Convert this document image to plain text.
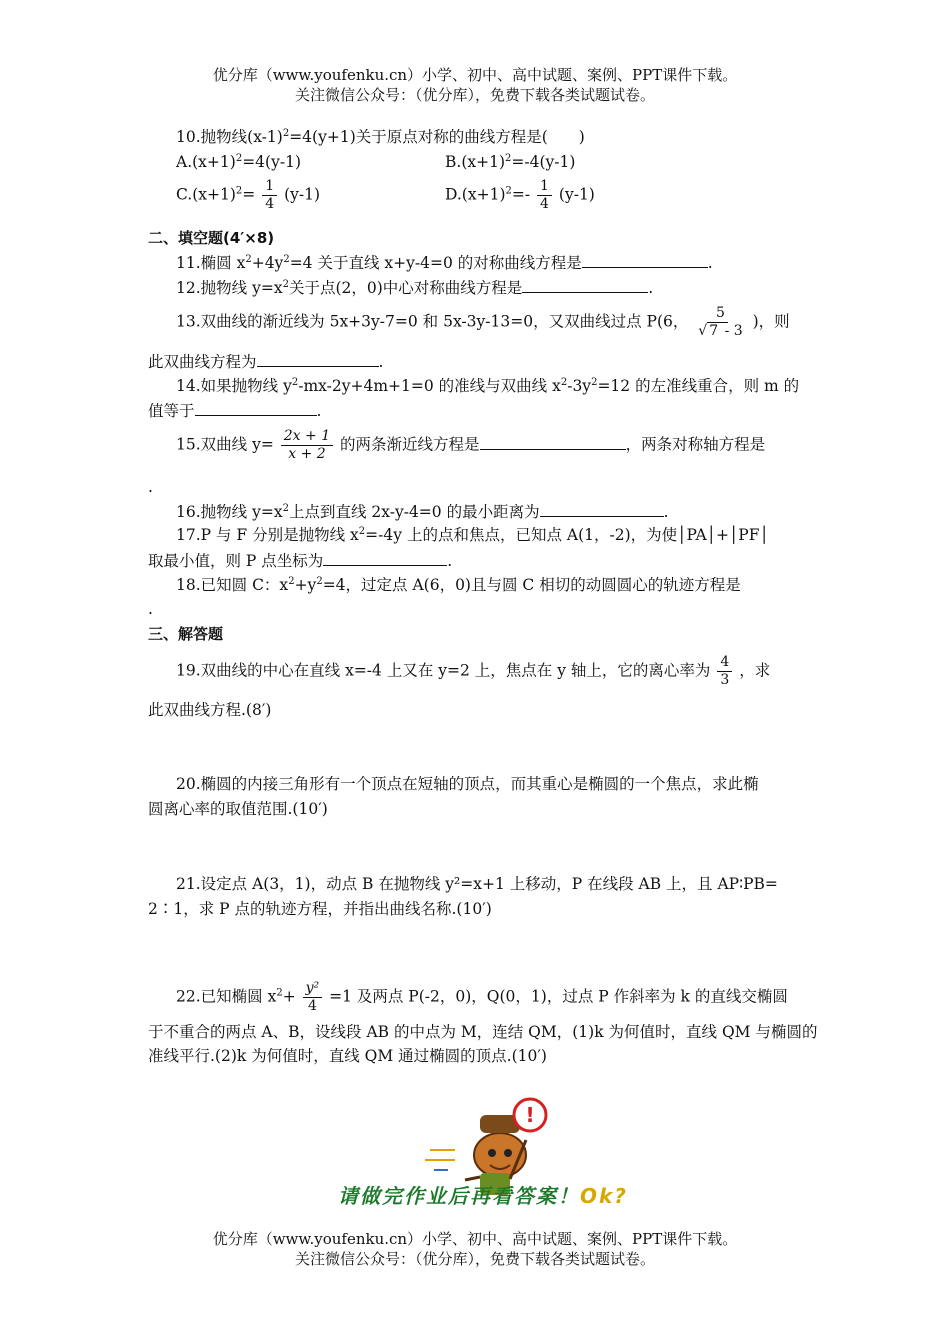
优分库（www.youfenku.cn）小学、初中、高中试题、案例、PPT课件下载。
关注微信公众号：（优分库），免费下载各类试题试卷。
10.抛物线$(x-1)^2=4(y+1)$关于原点对称的曲线方程是(　　)
$A.(x+1)^2=4(y-1)$	$B.(x+1)^2=-4(y-1)$
$C.(x+1)^2= \frac{1}{4} (y-1)$	$D.(x+1)^2=- \frac{1}{4} (y-1)$
二、填空题(4′×8)
11.椭圆 $x^2+4y^2=4$ 关于直线 x+y-4=0 的对称曲线方程是	.
12.抛物线 $y=x^2$关于点(2，0)中心对称曲线方程是	.
13.双曲线的渐近线为 5x+3y-7=0 和 5x-3y-13=0，又双曲线过点 P(6， $\frac{5}{√ 7 - 3}$ )，则
此双曲线方程为	.
14.如果抛物线 $y^2-mx-2y+4m+1=0$ 的准线与双曲线 $x^2-3y^2=12$ 的左准线重合，则 m 的
值等于	.
15.双曲线 $y= \frac{2x + 1}{x + 2}$ 的两条渐近线方程是	，两条对称轴方程是
.
16.抛物线 $y=x^2$上点到直线 2x-y-4=0 的最小距离为	.
17.P 与 F 分别是抛物线 $x^2=-4y$ 上的点和焦点，已知点 A(1，-2)，为使│PA│+│PF│
取最小值，则 P 点坐标为	.
18.已知圆 C：$x^2+y^2=4$，过定点 A(6，0)且与圆 C 相切的动圆圆心的轨迹方程是
.
三、解答题
19.双曲线的中心在直线 x=-4 上又在 y=2 上，焦点在 y 轴上，它的离心率为 $\frac{4}{3}$ ，求
此双曲线方程.(8′)
20.椭圆的内接三角形有一个顶点在短轴的顶点，而其重心是椭圆的一个焦点，求此椭
圆离心率的取值范围.(10′)
21.设定点 A(3，1)，动点 B 在抛物线 y²=x+1 上移动，P 在线段 AB 上，且 AP∶PB=
2∶1，求 P 点的轨迹方程，并指出曲线名称.(10′)
22.已知椭圆 $x^2+ \frac{\text{y²}}{4} =1$ 及两点 P(-2，0)，Q(0，1)，过点 P 作斜率为 k 的直线交椭圆
于不重合的两点 A、B，设线段 AB 的中点为 M，连结 QM，(1)k 为何值时，直线 QM 与椭圆的
准线平行.(2)k 为何值时，直线 QM 通过椭圆的顶点.(10′)
!
请做完作业后再看答案！Ok?
优分库（www.youfenku.cn）小学、初中、高中试题、案例、PPT课件下载。
关注微信公众号：（优分库），免费下载各类试题试卷。
